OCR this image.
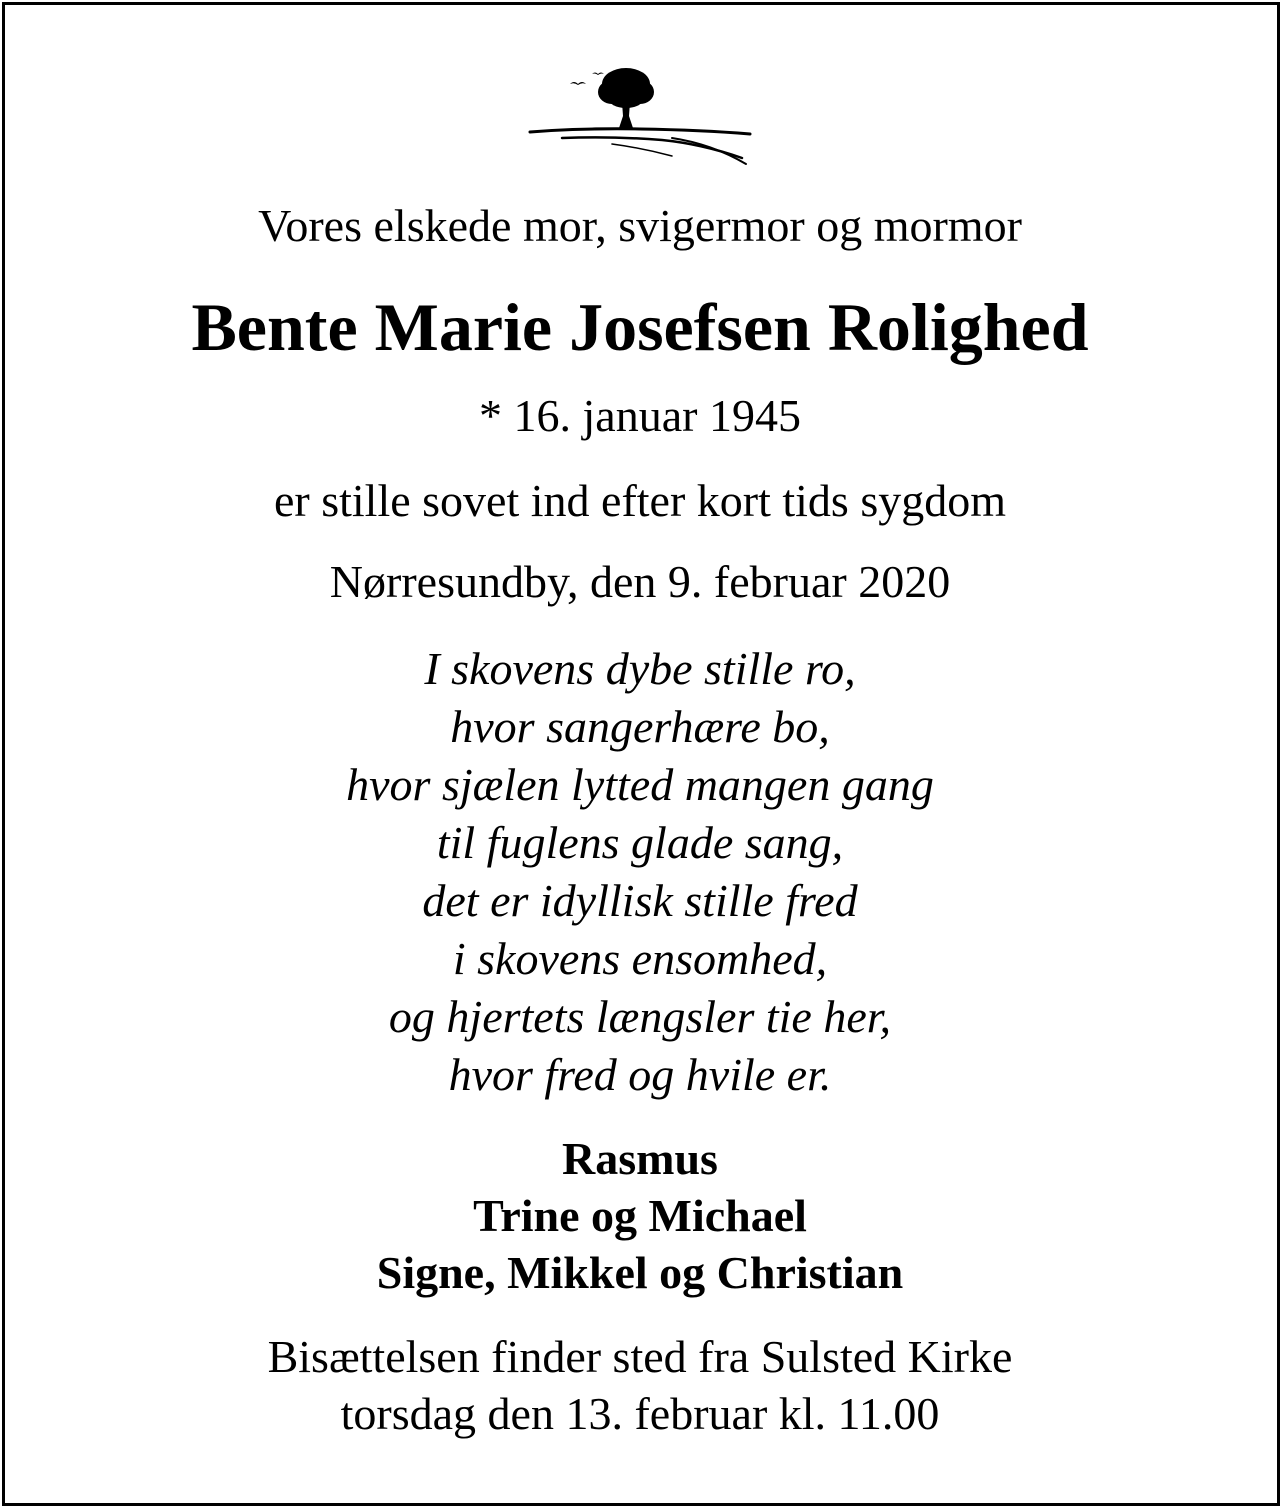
Vores elskede mor, svigermor og mormor

Bente Marie Josefsen Rolighed

* 16. januar 1945

er stille sovet ind efter kort tids sygdom

Nørresundby, den 9. februar 2020

I skovens dybe stille ro,
hvor sangerhære bo,
hvor sjælen lytted mangen gang
til fuglens glade sang,
det er idyllisk stille fred
i skovens ensomhed,
og hjertets længsler tie her,
hvor fred og hvile er.
Rasmus
Trine og Michael
Signe, Mikkel og Christian
Bisættelsen finder sted fra Sulsted Kirke
torsdag den 13. februar kl. 11.00
